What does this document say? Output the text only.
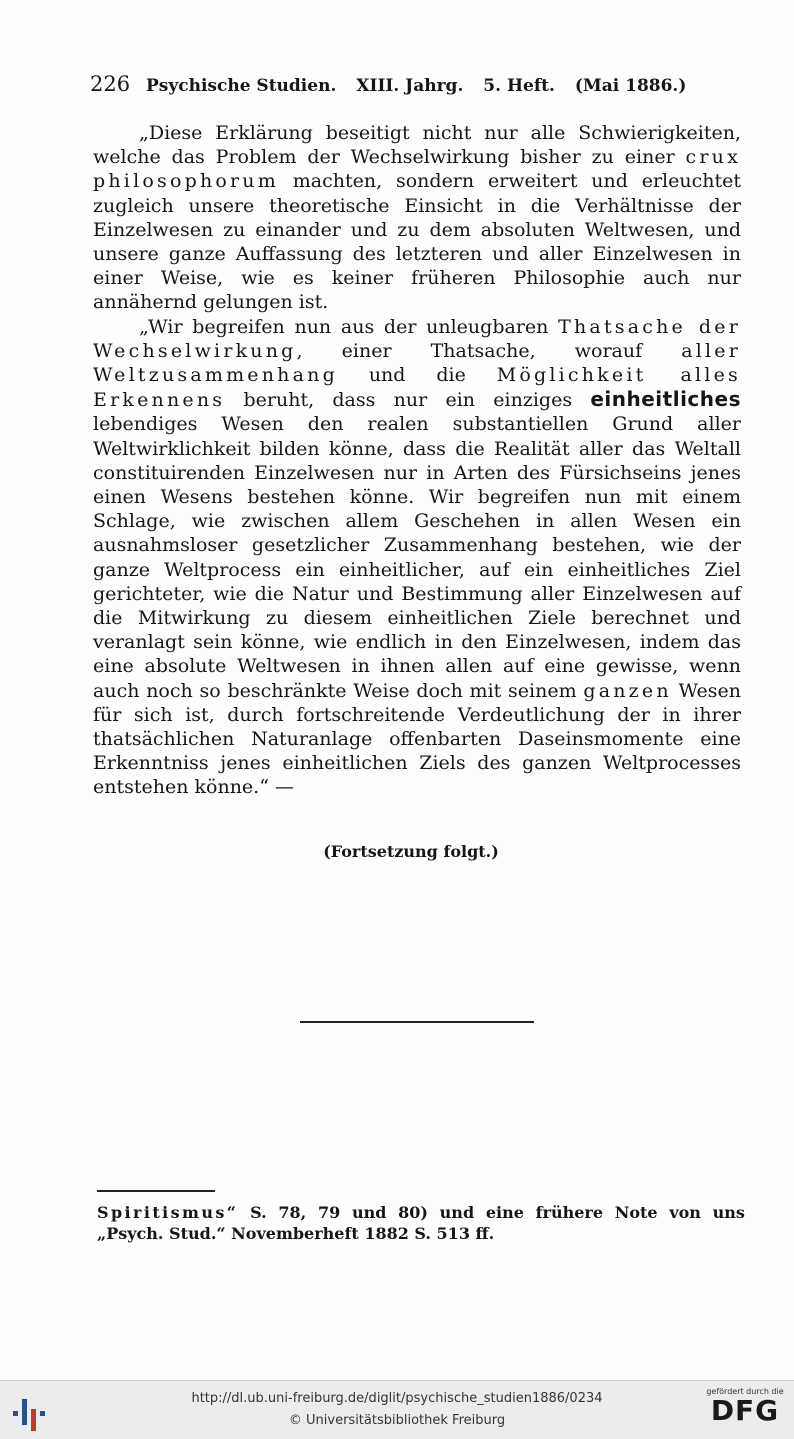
226 Psychische Studien. XIII. Jahrg. 5. Heft. (Mai 1886.)

„Diese Erklärung beseitigt nicht nur alle Schwierigkeiten, welche das Problem der Wechselwirkung bisher zu einer crux philosophorum machten, sondern erweitert und erleuchtet zugleich unsere theoretische Einsicht in die Verhältnisse der Einzelwesen zu einander und zu dem absoluten Weltwesen, und unsere ganze Auffassung des letzteren und aller Einzelwesen in einer Weise, wie es keiner früheren Philosophie auch nur annähernd gelungen ist.

„Wir begreifen nun aus der unleugbaren Thatsache der Wechselwirkung, einer Thatsache, worauf aller Weltzusammenhang und die Möglichkeit alles Erkennens beruht, dass nur ein einziges einheitliches lebendiges Wesen den realen substantiellen Grund aller Weltwirklichkeit bilden könne, dass die Realität aller das Weltall constituirenden Einzelwesen nur in Arten des Fürsichseins jenes einen Wesens bestehen könne. Wir begreifen nun mit einem Schlage, wie zwischen allem Geschehen in allen Wesen ein ausnahmsloser gesetzlicher Zusammenhang bestehen, wie der ganze Weltprocess ein einheitlicher, auf ein einheitliches Ziel gerichteter, wie die Natur und Bestimmung aller Einzelwesen auf die Mitwirkung zu diesem einheitlichen Ziele berechnet und veranlagt sein könne, wie endlich in den Einzelwesen, indem das eine absolute Weltwesen in ihnen allen auf eine gewisse, wenn auch noch so beschränkte Weise doch mit seinem ganzen Wesen für sich ist, durch fortschreitende Verdeutlichung der in ihrer thatsächlichen Naturanlage offenbarten Daseinsmomente eine Erkenntniss jenes einheitlichen Ziels des ganzen Weltprocesses entstehen könne.“ —

(Fortsetzung folgt.)
Spiritismus“ S. 78, 79 und 80) und eine frühere Note von uns
„Psych. Stud.“ Novemberheft 1882 S. 513 ff.
http://dl.ub.uni-freiburg.de/diglit/psychische_studien1886/0234
© Universitätsbibliothek Freiburg
gefördert durch die
DFG
